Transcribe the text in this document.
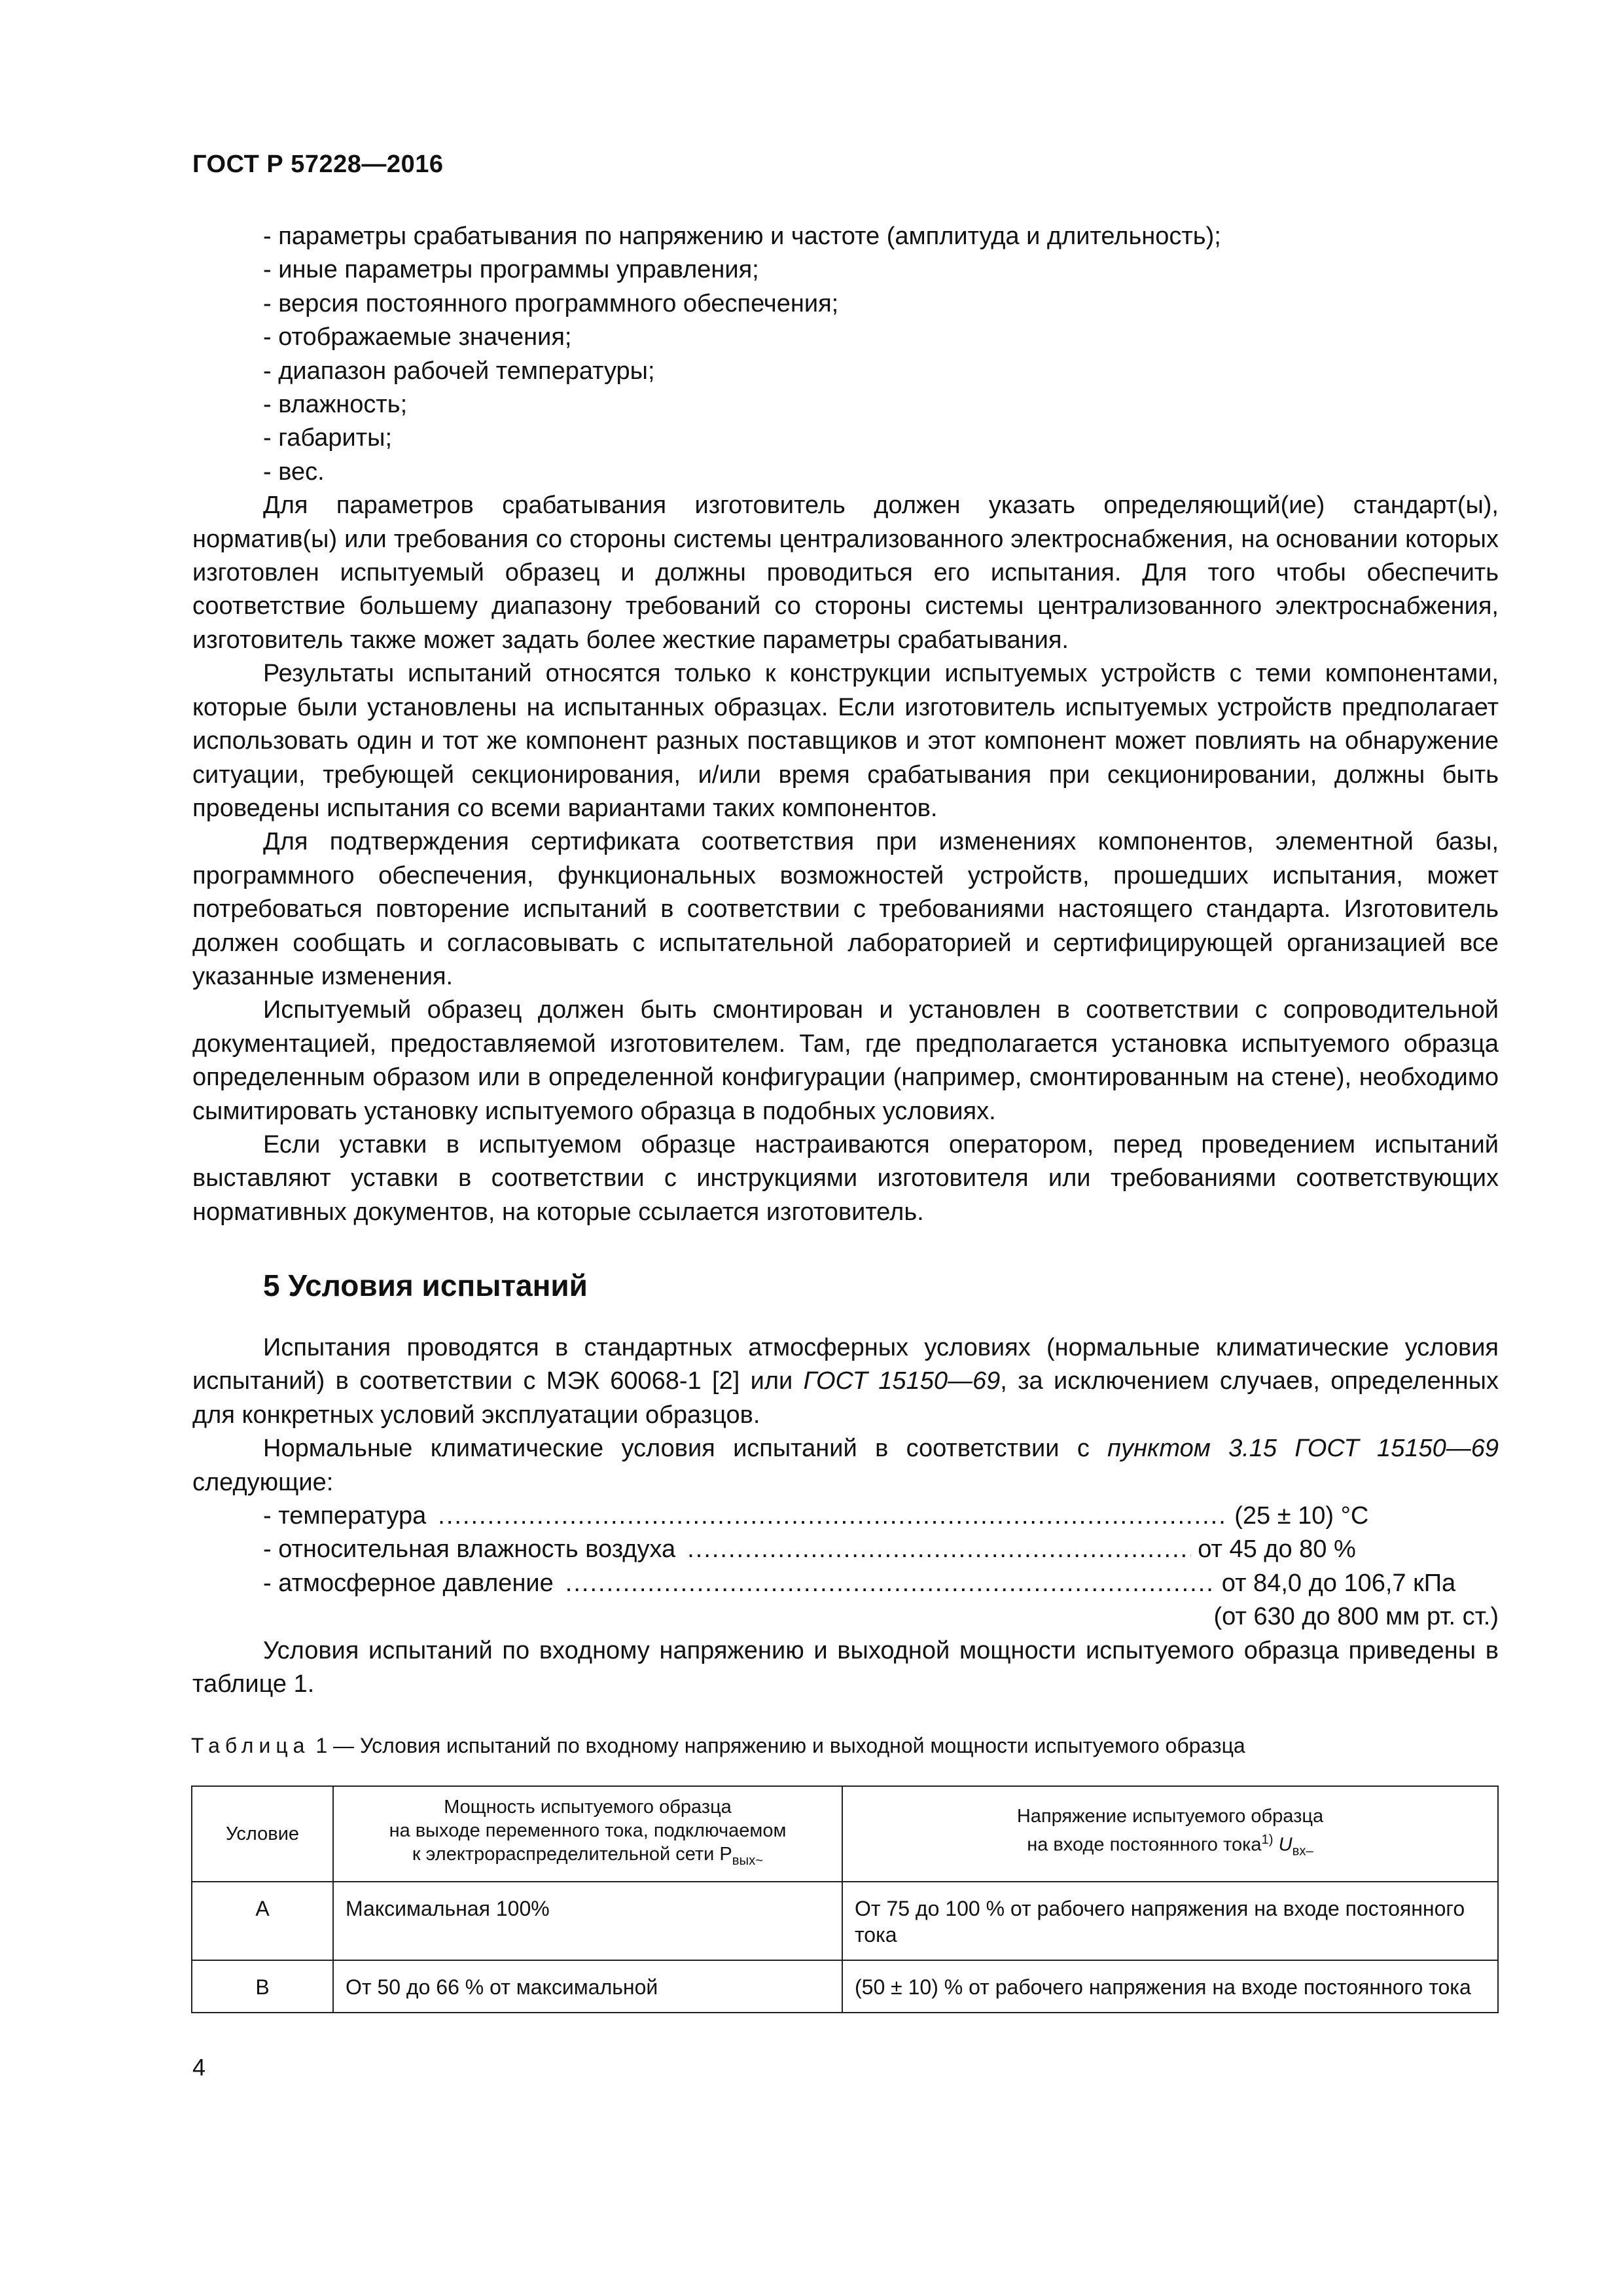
ГОСТ Р 57228—2016

- параметры срабатывания по напряжению и частоте (амплитуда и длительность);

- иные параметры программы управления;

- версия постоянного программного обеспечения;

- отображаемые значения;

- диапазон рабочей температуры;

- влажность;

- габариты;

- вес.

Для параметров срабатывания изготовитель должен указать определяющий(ие) стандарт(ы), норматив(ы) или требования со стороны системы централизованного электроснабжения, на основании которых изготовлен испытуемый образец и должны проводиться его испытания. Для того чтобы обеспечить соответствие большему диапазону требований со стороны системы централизованного электроснабжения, изготовитель также может задать более жесткие параметры срабатывания.

Результаты испытаний относятся только к конструкции испытуемых устройств с теми компонентами, которые были установлены на испытанных образцах. Если изготовитель испытуемых устройств предполагает использовать один и тот же компонент разных поставщиков и этот компонент может повлиять на обнаружение ситуации, требующей секционирования, и/или время срабатывания при секционировании, должны быть проведены испытания со всеми вариантами таких компонентов.

Для подтверждения сертификата соответствия при изменениях компонентов, элементной базы, программного обеспечения, функциональных возможностей устройств, прошедших испытания, может потребоваться повторение испытаний в соответствии с требованиями настоящего стандарта. Изготовитель должен сообщать и согласовывать с испытательной лабораторией и сертифицирующей организацией все указанные изменения.

Испытуемый образец должен быть смонтирован и установлен в соответствии с сопроводительной документацией, предоставляемой изготовителем. Там, где предполагается установка испытуемого образца определенным образом или в определенной конфигурации (например, смонтированным на стене), необходимо сымитировать установку испытуемого образца в подобных условиях.

Если уставки в испытуемом образце настраиваются оператором, перед проведением испытаний выставляют уставки в соответствии с инструкциями изготовителя или требованиями соответствующих нормативных документов, на которые ссылается изготовитель.

5 Условия испытаний

Испытания проводятся в стандартных атмосферных условиях (нормальные климатические условия испытаний) в соответствии с МЭК 60068-1 [2] или ГОСТ 15150—69, за исключением случаев, определенных для конкретных условий эксплуатации образцов.

Нормальные климатические условия испытаний в соответствии с пунктом 3.15 ГОСТ 15150—69 следующие:

- температура .....	(25 ± 10) °С
- относительная влажность воздуха .....	от 45 до 80 %
- атмосферное давление .....	от 84,0 до 106,7 кПа

(от 630 до 800 мм рт. ст.)

Условия испытаний по входному напряжению и выходной мощности испытуемого образца приведены в таблице 1.

Таблица 1 — Условия испытаний по входному напряжению и выходной мощности испытуемого образца
Условие	Мощность испытуемого образца
на выходе переменного тока, подключаемом
к электрораспределительной сети $P_{вых\sim}$	Напряжение испытуемого образца
на входе постоянного тока$^{1)}$ $U_{вх-}$
А	Максимальная 100%	От 75 до 100 % от рабочего напряжения на входе постоянного тока
В	От 50 до 66 % от максимальной	(50 ± 10) % от рабочего напряжения на входе постоянного тока
4
